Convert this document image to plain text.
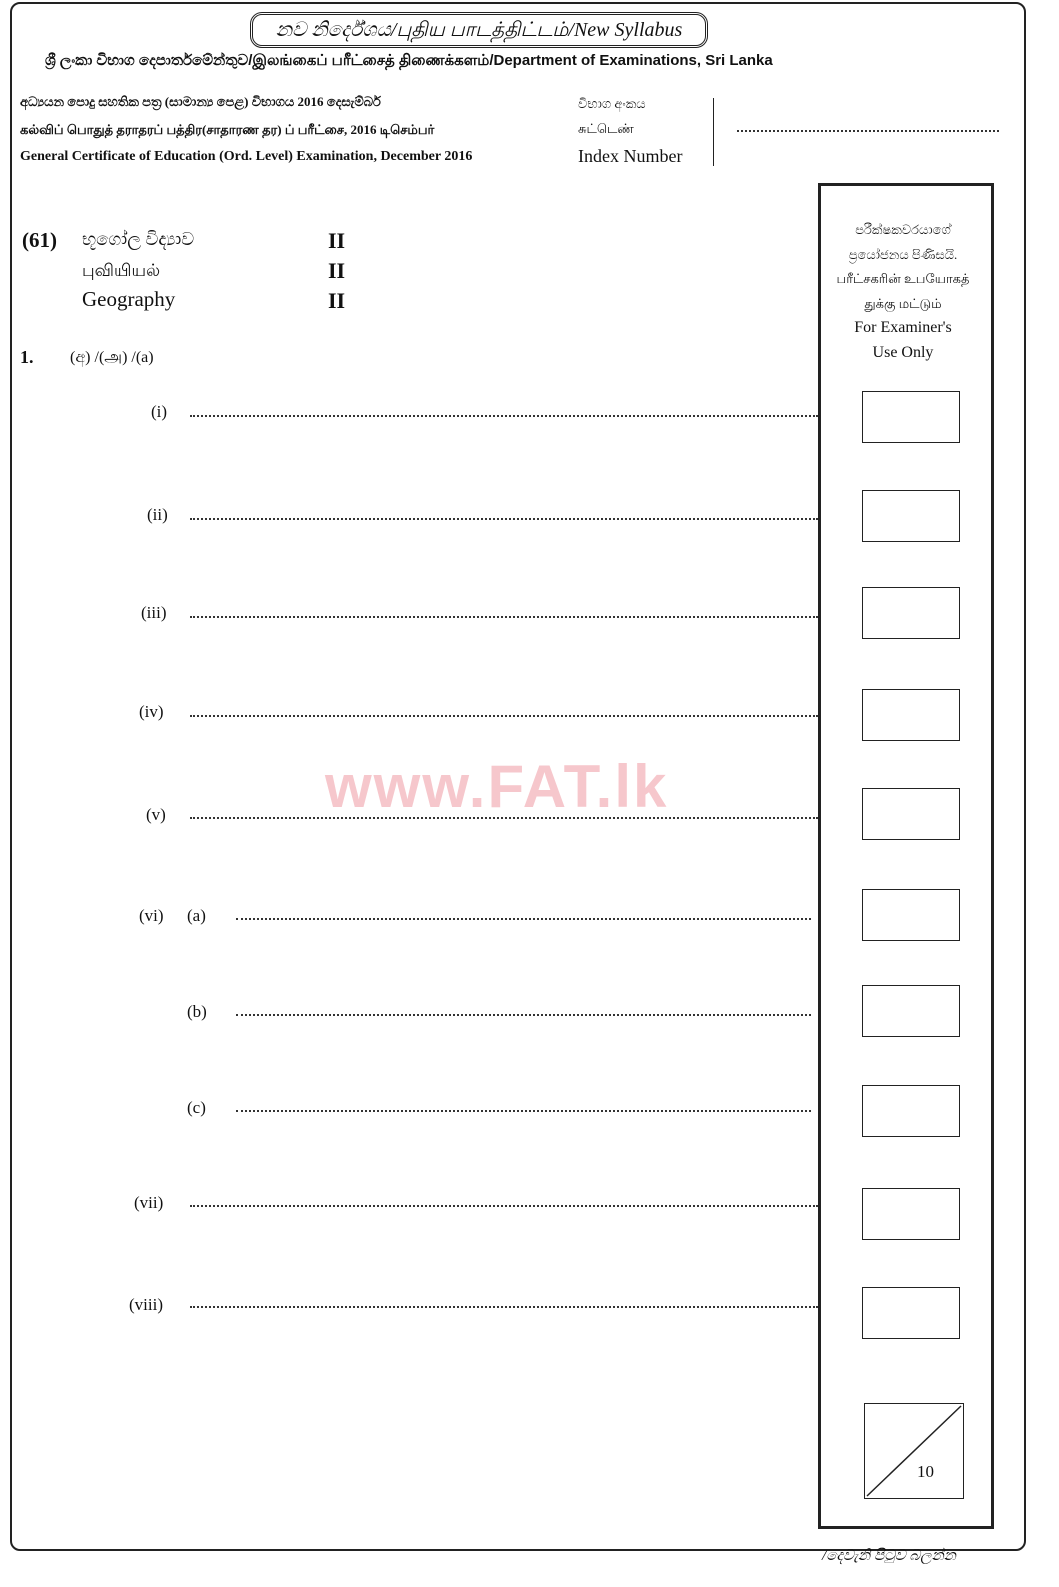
නව නිර්දේශය/புதிய பாடத்திட்டம்/New Syllabus
ශ්‍රී ලංකා විභාග දෙපාර්තමේන්තුව/இலங்கைப் பரீட்சைத் திணைக்களம்/Department of Examinations, Sri Lanka
අධ්‍යයන පොදු සහතික පත්‍ර (සාමාන්‍ය පෙළ) විභාගය 2016 දෙසැම්බර්
கல்விப் பொதுத் தராதரப் பத்திர(சாதாரண தர) ப் பரீட்சை, 2016 டிசெம்பர்
General Certificate of Education (Ord. Level) Examination, December 2016
විභාග අංකය
சுட்டெண்
Index Number
(61) භූගෝල විද්‍යාව
புவியியல்
Geography
II
II
II
1. (අ) /(அ) /(a)
(i)
(ii)
(iii)
(iv)
(v)
(vi) (a)
(b)
(c)
(vii)
(viii)
පරීක්ෂකවරයාගේ
ප්‍රයෝජනය පිණිසයි.
பரீட்சகரின் உபயோகத்
துக்கு மட்டும்
For Examiner's
Use Only
10
www.FAT.lk
/දෙවැනි පිටුව බලන්න
